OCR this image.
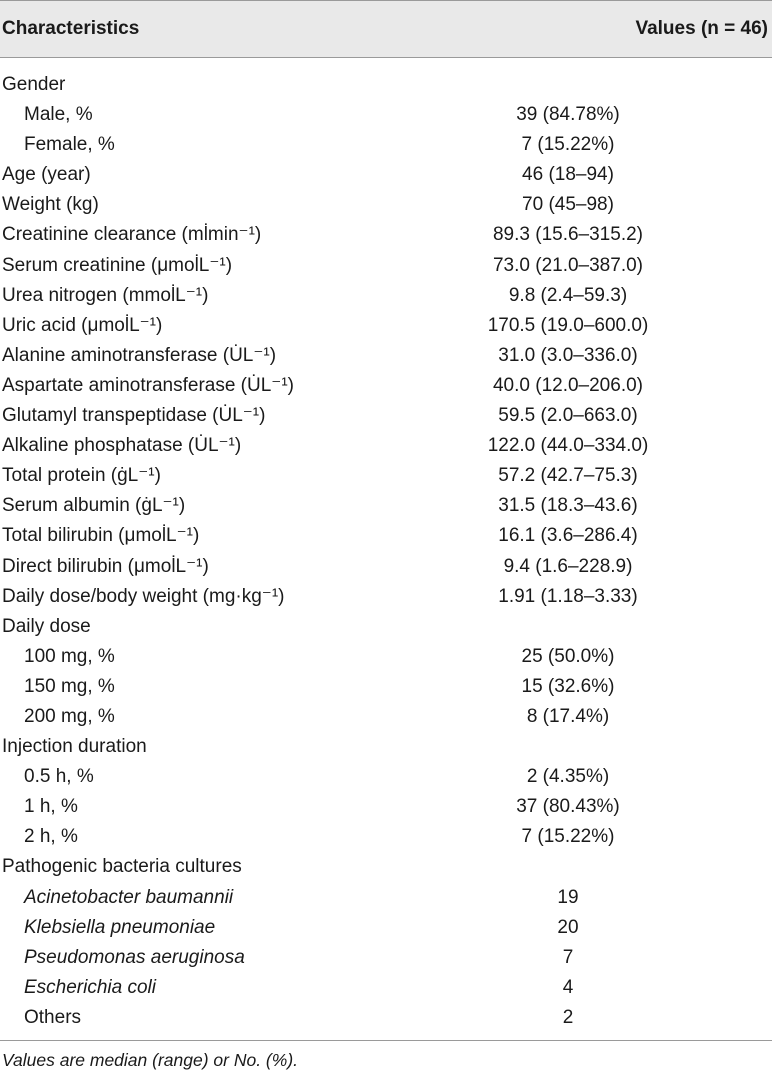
Characteristics	Values (n = 46)
Gender
Male, %	39 (84.78%)
Female, %	7 (15.22%)
Age (year)	46 (18–94)
Weight (kg)	70 (45–98)
Creatinine clearance (ml̇min⁻¹)	89.3 (15.6–315.2)
Serum creatinine (μmol̇L⁻¹)	73.0 (21.0–387.0)
Urea nitrogen (mmol̇L⁻¹)	9.8 (2.4–59.3)
Uric acid (μmol̇L⁻¹)	170.5 (19.0–600.0)
Alanine aminotransferase (U̇L⁻¹)	31.0 (3.0–336.0)
Aspartate aminotransferase (U̇L⁻¹)	40.0 (12.0–206.0)
Glutamyl transpeptidase (U̇L⁻¹)	59.5 (2.0–663.0)
Alkaline phosphatase (U̇L⁻¹)	122.0 (44.0–334.0)
Total protein (ġL⁻¹)	57.2 (42.7–75.3)
Serum albumin (ġL⁻¹)	31.5 (18.3–43.6)
Total bilirubin (μmol̇L⁻¹)	16.1 (3.6–286.4)
Direct bilirubin (μmol̇L⁻¹)	9.4 (1.6–228.9)
Daily dose/body weight (mg·kg⁻¹)	1.91 (1.18–3.33)
Daily dose
100 mg, %	25 (50.0%)
150 mg, %	15 (32.6%)
200 mg, %	8 (17.4%)
Injection duration
0.5 h, %	2 (4.35%)
1 h, %	37 (80.43%)
2 h, %	7 (15.22%)
Pathogenic bacteria cultures
Acinetobacter baumannii	19
Klebsiella pneumoniae	20
Pseudomonas aeruginosa	7
Escherichia coli	4
Others	2
Values are median (range) or No. (%).
